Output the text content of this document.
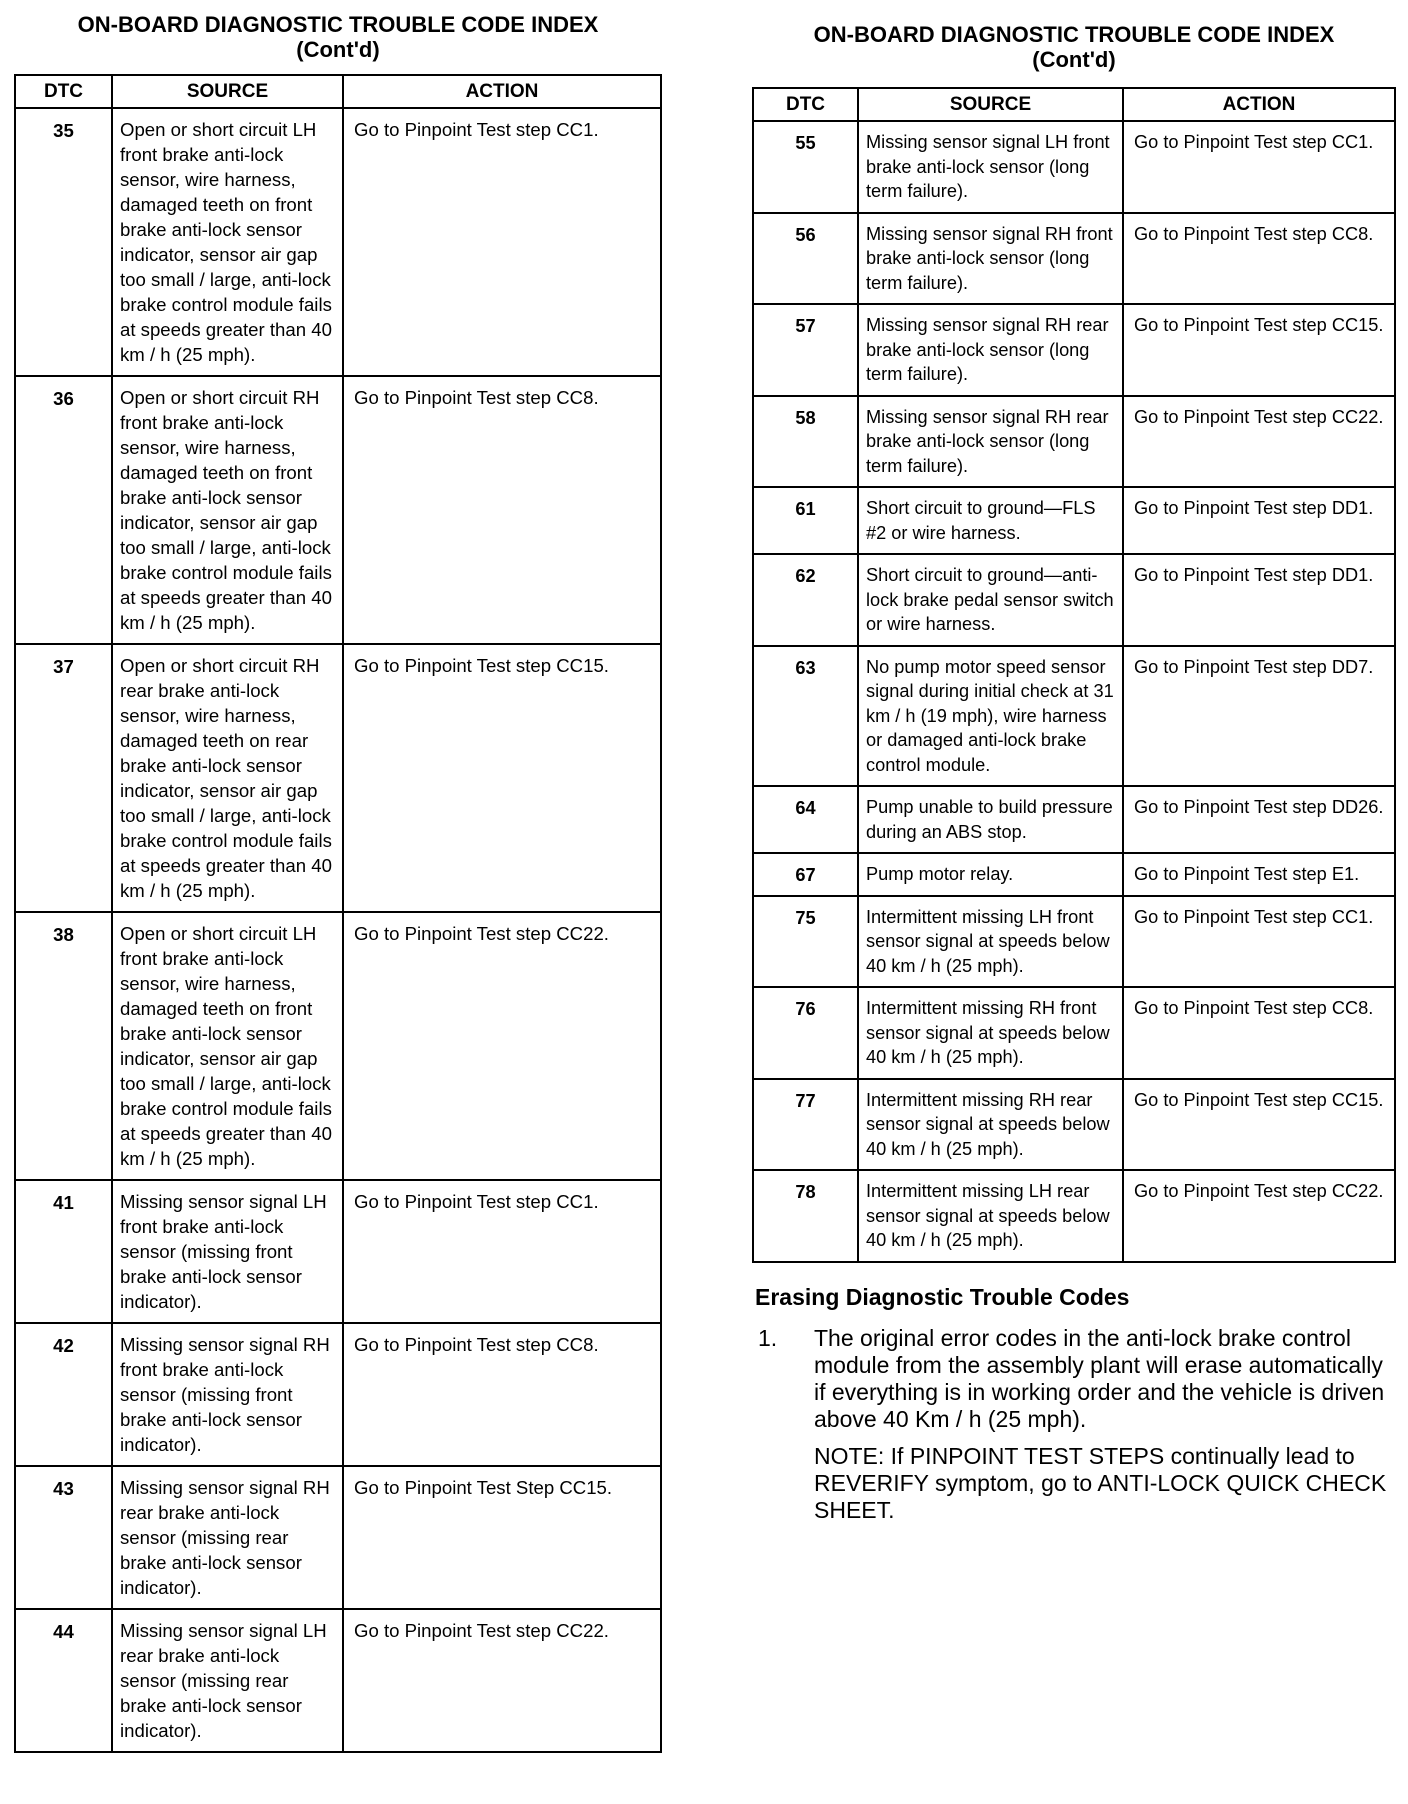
ON-BOARD DIAGNOSTIC TROUBLE CODE INDEX
(Cont'd)
DTC	SOURCE	ACTION
35	Open or short circuit LH front brake anti-lock sensor, wire harness, damaged teeth on front brake anti-lock sensor indicator, sensor air gap too small / large, anti-lock brake control module fails at speeds greater than 40 km / h (25 mph).	Go to Pinpoint Test step CC1.
36	Open or short circuit RH front brake anti-lock sensor, wire harness, damaged teeth on front brake anti-lock sensor indicator, sensor air gap too small / large, anti-lock brake control module fails at speeds greater than 40 km / h (25 mph).	Go to Pinpoint Test step CC8.
37	Open or short circuit RH rear brake anti-lock sensor, wire harness, damaged teeth on rear brake anti-lock sensor indicator, sensor air gap too small / large, anti-lock brake control module fails at speeds greater than 40 km / h (25 mph).	Go to Pinpoint Test step CC15.
38	Open or short circuit LH front brake anti-lock sensor, wire harness, damaged teeth on front brake anti-lock sensor indicator, sensor air gap too small / large, anti-lock brake control module fails at speeds greater than 40 km / h (25 mph).	Go to Pinpoint Test step CC22.
41	Missing sensor signal LH front brake anti-lock sensor (missing front brake anti-lock sensor indicator).	Go to Pinpoint Test step CC1.
42	Missing sensor signal RH front brake anti-lock sensor (missing front brake anti-lock sensor indicator).	Go to Pinpoint Test step CC8.
43	Missing sensor signal RH rear brake anti-lock sensor (missing rear brake anti-lock sensor indicator).	Go to Pinpoint Test Step CC15.
44	Missing sensor signal LH rear brake anti-lock sensor (missing rear brake anti-lock sensor indicator).	Go to Pinpoint Test step CC22.
ON-BOARD DIAGNOSTIC TROUBLE CODE INDEX
(Cont'd)
DTC	SOURCE	ACTION
55	Missing sensor signal LH front brake anti-lock sensor (long term failure).	Go to Pinpoint Test step CC1.
56	Missing sensor signal RH front brake anti-lock sensor (long term failure).	Go to Pinpoint Test step CC8.
57	Missing sensor signal RH rear brake anti-lock sensor (long term failure).	Go to Pinpoint Test step CC15.
58	Missing sensor signal RH rear brake anti-lock sensor (long term failure).	Go to Pinpoint Test step CC22.
61	Short circuit to ground—FLS #2 or wire harness.	Go to Pinpoint Test step DD1.
62	Short circuit to ground—anti-lock brake pedal sensor switch or wire harness.	Go to Pinpoint Test step DD1.
63	No pump motor speed sensor signal during initial check at 31 km / h (19 mph), wire harness or damaged anti-lock brake control module.	Go to Pinpoint Test step DD7.
64	Pump unable to build pressure during an ABS stop.	Go to Pinpoint Test step DD26.
67	Pump motor relay.	Go to Pinpoint Test step E1.
75	Intermittent missing LH front sensor signal at speeds below 40 km / h (25 mph).	Go to Pinpoint Test step CC1.
76	Intermittent missing RH front sensor signal at speeds below 40 km / h (25 mph).	Go to Pinpoint Test step CC8.
77	Intermittent missing RH rear sensor signal at speeds below 40 km / h (25 mph).	Go to Pinpoint Test step CC15.
78	Intermittent missing LH rear sensor signal at speeds below 40 km / h (25 mph).	Go to Pinpoint Test step CC22.
Erasing Diagnostic Trouble Codes
1.	The original error codes in the anti-lock brake control module from the assembly plant will erase automatically if everything is in working order and the vehicle is driven above 40 Km / h (25 mph).
NOTE: If PINPOINT TEST STEPS continually lead to REVERIFY symptom, go to ANTI-LOCK QUICK CHECK SHEET.
